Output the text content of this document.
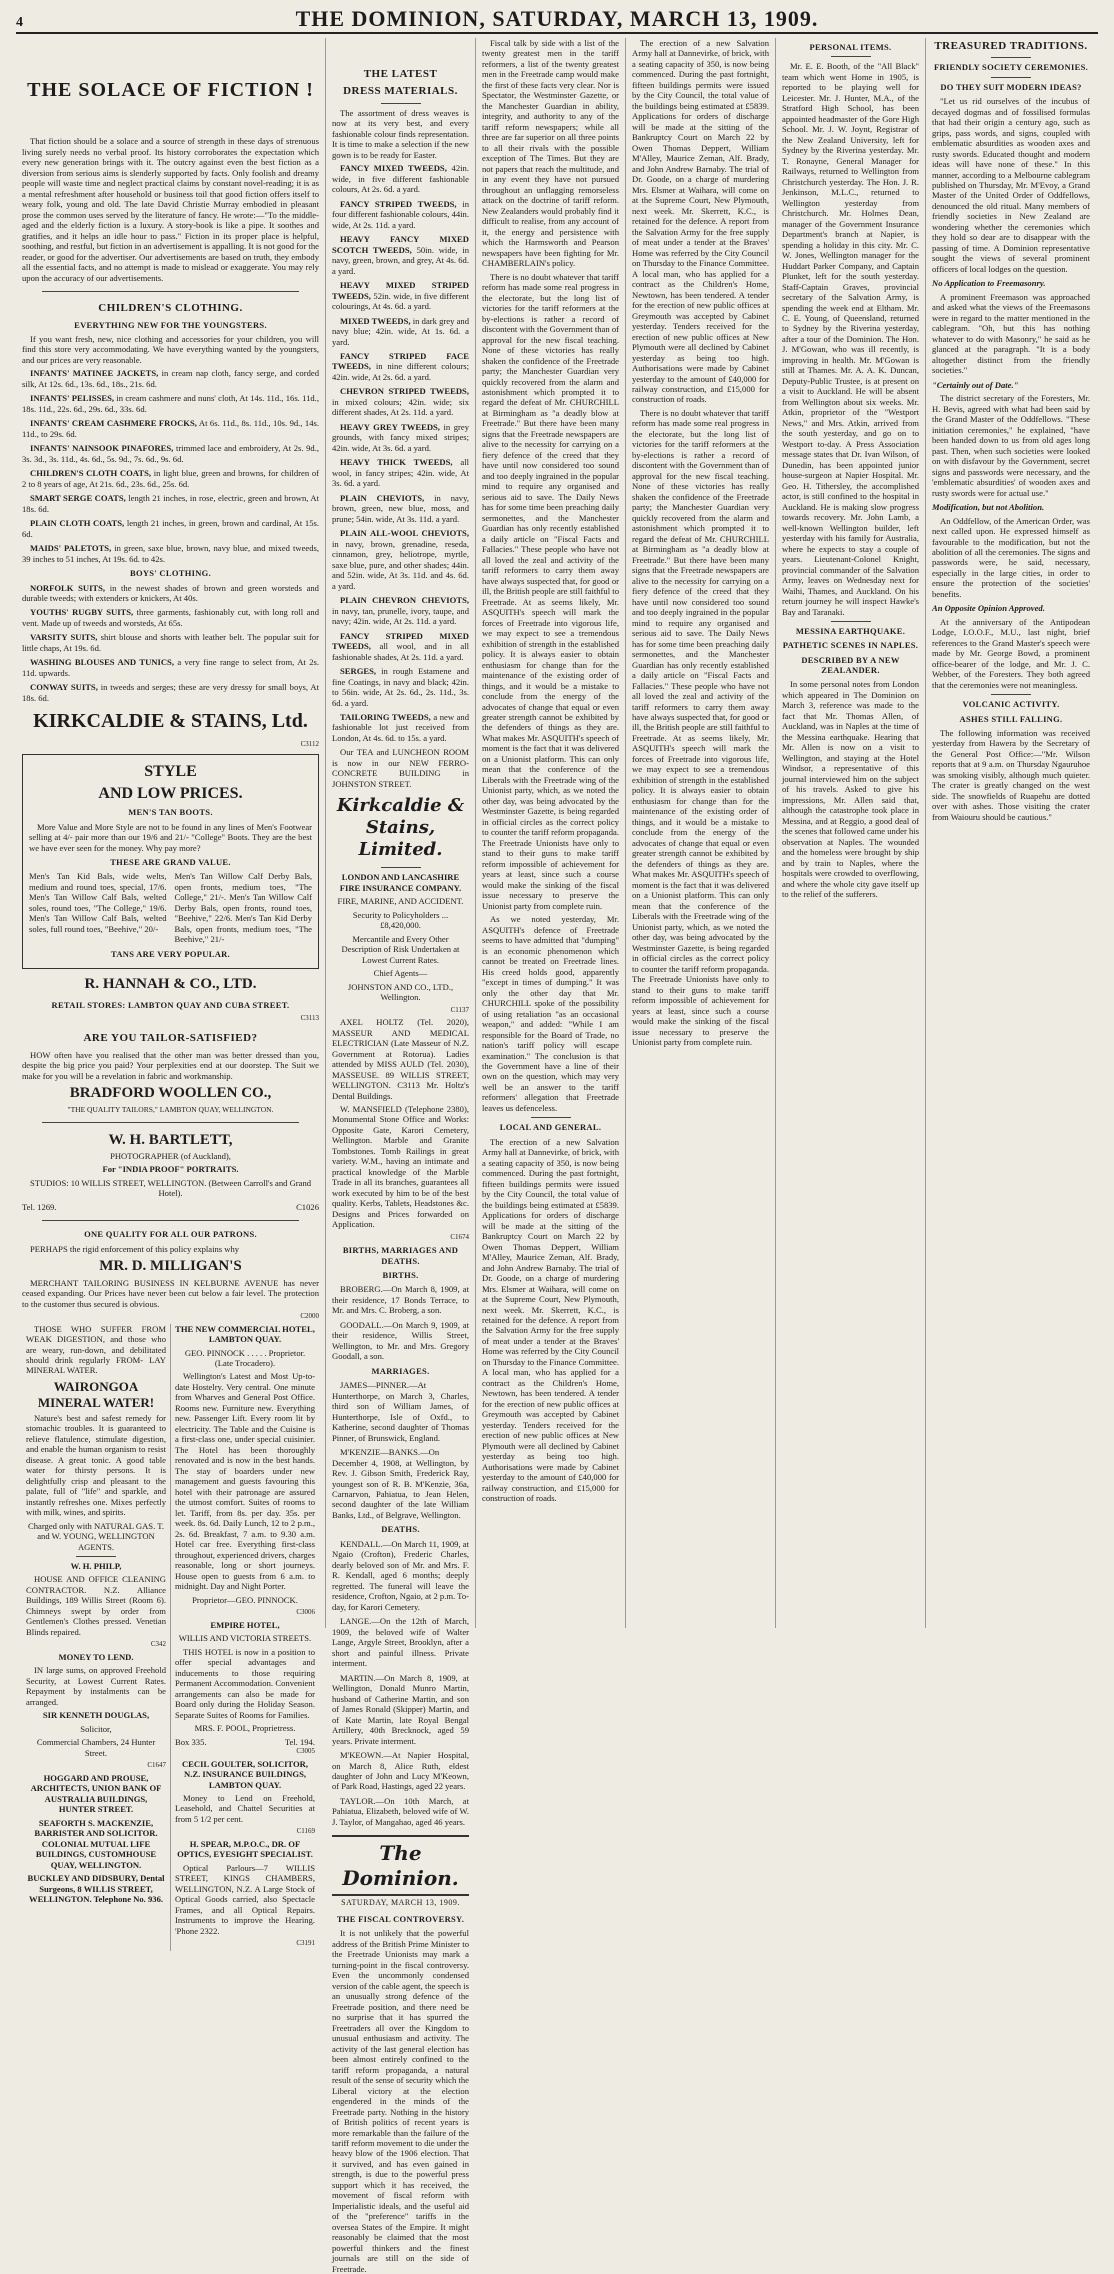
4	THE DOMINION, SATURDAY, MARCH 13, 1909.
THE SOLACE OF FICTION !

That fiction should be a solace and a source of strength in these days of strenuous living surely needs no verbal proof. Its history corroborates the expectation which every new generation brings with it. The outcry against even the best fiction as a diversion from serious aims is slenderly supported by facts. Only foolish and dreamy people will waste time and neglect practical claims by constant novel-reading; it is as a mental refreshment after household or business toil that good fiction offers itself to weary folk, young and old. The late David Christie Murray embodied in pleasant prose the common uses served by the literature of fancy. He wrote:—"To the middle-aged and the elderly fiction is a luxury. A story-book is like a pipe. It soothes and gratifies, and it helps an idle hour to pass." Fiction in its proper place is helpful, soothing, and restful, but fiction in an advertisement is appalling. It is not good for the reader, or good for the advertiser. Our advertisements are based on truth, they embody all the essential facts, and no attempt is made to mislead or exaggerate. You may rely upon the accuracy of our advertisements.

CHILDREN'S CLOTHING.
EVERYTHING NEW FOR THE YOUNGSTERS.

If you want fresh, new, nice clothing and accessories for your children, you will find this store very accommodating. We have everything wanted by the youngsters, and our prices are very reasonable.

INFANTS' MATINEE JACKETS, in cream nap cloth, fancy serge, and corded silk, At 12s. 6d., 13s. 6d., 18s., 21s. 6d.

INFANTS' PELISSES, in cream cashmere and nuns' cloth, At 14s. 11d., 16s. 11d., 18s. 11d., 22s. 6d., 29s. 6d., 33s. 6d.

INFANTS' CREAM CASHMERE FROCKS, At 6s. 11d., 8s. 11d., 10s. 9d., 14s. 11d., to 29s. 6d.

INFANTS' NAINSOOK PINAFORES, trimmed lace and embroidery, At 2s. 9d., 3s. 3d., 3s. 11d., 4s. 6d., 5s. 9d., 7s. 6d., 9s. 6d.

CHILDREN'S CLOTH COATS, in light blue, green and browns, for children of 2 to 8 years of age, At 21s. 6d., 23s. 6d., 25s. 6d.

SMART SERGE COATS, length 21 inches, in rose, electric, green and brown, At 18s. 6d.

PLAIN CLOTH COATS, length 21 inches, in green, brown and cardinal, At 15s. 6d.

MAIDS' PALETOTS, in green, saxe blue, brown, navy blue, and mixed tweeds, 39 inches to 51 inches, At 19s. 6d. to 42s.

BOYS' CLOTHING.

NORFOLK SUITS, in the newest shades of brown and green worsteds and durable tweeds; with extenders or knickers, At 40s.

YOUTHS' RUGBY SUITS, three garments, fashionably cut, with long roll and vent. Made up of tweeds and worsteds, At 65s.

VARSITY SUITS, shirt blouse and shorts with leather belt. The popular suit for little chaps, At 19s. 6d.

WASHING BLOUSES AND TUNICS, a very fine range to select from, At 2s. 11d. upwards.

CONWAY SUITS, in tweeds and serges; these are very dressy for small boys, At 18s. 6d.

KIRKCALDIE & STAINS, Ltd.

C3112

STYLE
AND LOW PRICES.
MEN'S TAN BOOTS.

More Value and More Style are not to be found in any lines of Men's Footwear selling at 4/- pair more than our 19/6 and 21/- "College" Boots. They are the best we have ever seen for the money. Why pay more?

THESE ARE GRAND VALUE.
Men's Tan Kid Bals, wide welts, medium and round toes, special, 17/6. Men's Tan Willow Calf Bals, welted soles, round toes, "The College," 19/6. Men's Tan Willow Calf Bals, welted soles, full round toes, "Beehive," 20/-
Men's Tan Willow Calf Derby Bals, open fronts, medium toes, "The College," 21/-. Men's Tan Willow Calf Derby Bals, open fronts, round toes, "Beehive," 22/6. Men's Tan Kid Derby Bals, open fronts, medium toes, "The Beehive," 21/-
TANS ARE VERY POPULAR.
R. HANNAH & CO., LTD.
RETAIL STORES: LAMBTON QUAY AND CUBA STREET.

C3113

ARE YOU TAILOR-SATISFIED?

HOW often have you realised that the other man was better dressed than you, despite the big price you paid? Your perplexities end at our doorstep. The Suit we make for you will be a revelation in fabric and workmanship.

BRADFORD WOOLLEN CO.,

"THE QUALITY TAILORS," LAMBTON QUAY, WELLINGTON.

W. H. BARTLETT,

PHOTOGRAPHER (of Auckland),

For "INDIA PROOF" PORTRAITS.

STUDIOS: 10 WILLIS STREET, WELLINGTON. (Between Carroll's and Grand Hotel).

Tel. 1269.	C1026
ONE QUALITY FOR ALL OUR PATRONS.

PERHAPS the rigid enforcement of this policy explains why

MR. D. MILLIGAN'S

MERCHANT TAILORING BUSINESS IN KELBURNE AVENUE has never ceased expanding. Our Prices have never been cut below a fair level. The protection to the customer thus secured is obvious.

C2000

THOSE WHO SUFFER FROM WEAK DIGESTION, and those who are weary, run-down, and debilitated should drink regularly FROM- LAY MINERAL WATER.

WAIRONGOA MINERAL WATER!

Nature's best and safest remedy for stomachic troubles. It is guaranteed to relieve flatulence, stimulate digestion, and enable the human organism to resist disease. A great tonic. A good table water for thirsty persons. It is delightfully crisp and pleasant to the palate, full of "life" and sparkle, and instantly refreshes one. Mixes perfectly with milk, wines, and spirits.

Charged only with NATURAL GAS. T. and W. YOUNG, WELLINGTON AGENTS.

W. H. PHILP,

HOUSE AND OFFICE CLEANING CONTRACTOR. N.Z. Alliance Buildings, 189 Willis Street (Room 6). Chimneys swept by order from Gentlemen's Clothes pressed. Venetian Blinds repaired.

C342

MONEY TO LEND.

IN large sums, on approved Freehold Security, at Lowest Current Rates. Repayment by instalments can be arranged.

SIR KENNETH DOUGLAS,

Solicitor,

Commercial Chambers, 24 Hunter Street.

C1647

HOGGARD AND PROUSE, ARCHITECTS, UNION BANK OF AUSTRALIA BUILDINGS, HUNTER STREET.

SEAFORTH S. MACKENZIE, BARRISTER AND SOLICITOR. COLONIAL MUTUAL LIFE BUILDINGS, CUSTOMHOUSE QUAY, WELLINGTON.

BUCKLEY AND DIDSBURY, Dental Surgeons, 8 WILLIS STREET, WELLINGTON. Telephone No. 936.

THE NEW COMMERCIAL HOTEL, LAMBTON QUAY.

GEO. PINNOCK . . . . . Proprietor. (Late Trocadero).

Wellington's Latest and Most Up-to-date Hostelry. Very central. One minute from Wharves and General Post Office. Rooms new. Furniture new. Everything new. Passenger Lift. Every room lit by electricity. The Table and the Cuisine is a first-class one, under special cuisinier. The Hotel has been thoroughly renovated and is now in the best hands. The stay of boarders under new management and guests favouring this hotel with their patronage are assured the utmost comfort. Suites of rooms to let. Tariff, from 8s. per day. 35s. per week. 8s. 6d. Daily Lunch, 12 to 2 p.m., 2s. 6d. Breakfast, 7 a.m. to 9.30 a.m. Hotel car free. Everything first-class throughout, experienced drivers, charges reasonable, long or short journeys. House open to guests from 6 a.m. to midnight. Day and Night Porter.

Proprietor—GEO. PINNOCK.

C3006

EMPIRE HOTEL,

WILLIS AND VICTORIA STREETS.

THIS HOTEL is now in a position to offer special advantages and inducements to those requiring Permanent Accommodation. Convenient arrangements can also be made for Board only during the Holiday Season. Separate Suites of Rooms for Families.

MRS. F. POOL, Proprietress.

Box 335.	Tel. 194.

C3005

CECIL GOULTER, SOLICITOR, N.Z. INSURANCE BUILDINGS, LAMBTON QUAY.

Money to Lend on Freehold, Leasehold, and Chattel Securities at from 5 1/2 per cent.

C1169

H. SPEAR, M.P.O.C., DR. OF OPTICS, EYESIGHT SPECIALIST.

Optical Parlours—7 WILLIS STREET, KINGS CHAMBERS, WELLINGTON, N.Z. A Large Stock of Optical Goods carried, also Spectacle Frames, and all Optical Repairs. Instruments to improve the Hearing. 'Phone 2322.

C3191

THE LATEST
DRESS MATERIALS.

The assortment of dress weaves is now at its very best, and every fashionable colour finds representation. It is time to make a selection if the new gown is to be ready for Easter.

FANCY MIXED TWEEDS, 42in. wide, in five different fashionable colours, At 2s. 6d. a yard.

FANCY STRIPED TWEEDS, in four different fashionable colours, 44in. wide, At 2s. 11d. a yard.

HEAVY FANCY MIXED SCOTCH TWEEDS, 50in. wide, in navy, green, brown, and grey, At 4s. 6d. a yard.

HEAVY MIXED STRIPED TWEEDS, 52in. wide, in five different colourings, At 4s. 6d. a yard.

MIXED TWEEDS, in dark grey and navy blue; 42in. wide, At 1s. 6d. a yard.

FANCY STRIPED FACE TWEEDS, in nine different colours; 42in. wide, At 2s. 6d. a yard.

CHEVRON STRIPED TWEEDS, in mixed colours; 42in. wide; six different shades, At 2s. 11d. a yard.

HEAVY GREY TWEEDS, in grey grounds, with fancy mixed stripes; 42in. wide, At 3s. 6d. a yard.

HEAVY THICK TWEEDS, all wool, in fancy stripes; 42in. wide, At 3s. 6d. a yard.

PLAIN CHEVIOTS, in navy, brown, green, new blue, moss, and prune; 54in. wide, At 3s. 11d. a yard.

PLAIN ALL-WOOL CHEVIOTS, in navy, brown, grenadine, reseda, cinnamon, grey, heliotrope, myrtle, saxe blue, pure, and other shades; 44in. and 52in. wide, At 3s. 11d. and 4s. 6d. a yard.

PLAIN CHEVRON CHEVIOTS, in navy, tan, prunelle, ivory, taupe, and navy; 42in. wide, At 2s. 11d. a yard.

FANCY STRIPED MIXED TWEEDS, all wool, and in all fashionable shades, At 2s. 11d. a yard.

SERGES, in rough Estamene and fine Coatings, in navy and black; 42in. to 56in. wide, At 2s. 6d., 2s. 11d., 3s. 6d. a yard.

TAILORING TWEEDS, a new and fashionable lot just received from London, At 4s. 6d. to 15s. a yard.

Our TEA and LUNCHEON ROOM is now in our NEW FERRO-CONCRETE BUILDING in JOHNSTON STREET.

Kirkcaldie & Stains, Limited.

LONDON AND LANCASHIRE FIRE INSURANCE COMPANY.

FIRE, MARINE, AND ACCIDENT.

Security to Policyholders ... £8,420,000.

Mercantile and Every Other Description of Risk Undertaken at Lowest Current Rates.

Chief Agents—

JOHNSTON AND CO., LTD., Wellington.

C1137

AXEL HOLTZ (Tel. 2020), MASSEUR AND MEDICAL ELECTRICIAN (Late Masseur of N.Z. Government at Rotorua). Ladies attended by MISS AULD (Tel. 2030), MASSEUSE. 89 WILLIS STREET, WELLINGTON. C3113 Mr. Holtz's Dental Buildings.

W. MANSFIELD (Telephone 2380), Monumental Stone Office and Works: Opposite Gate, Karori Cemetery, Wellington. Marble and Granite Tombstones. Tomb Railings in great variety. W.M., having an intimate and practical knowledge of the Marble Trade in all its branches, guarantees all work executed by him to be of the best quality. Kerbs, Tablets, Headstones &c. Designs and Prices forwarded on Application.

C1674

BIRTHS, MARRIAGES AND DEATHS.
BIRTHS.

BROBERG.—On March 8, 1909, at their residence, 17 Bonds Terrace, to Mr. and Mrs. C. Broberg, a son.

GOODALL.—On March 9, 1909, at their residence, Willis Street, Wellington, to Mr. and Mrs. Gregory Goodall, a son.

MARRIAGES.

JAMES—PINNER.—At Hunterthorpe, on March 3, Charles, third son of William James, of Hunterthorpe, Isle of Oxfd., to Katherine, second daughter of Thomas Pinner, of Brunswick, England.

M'KENZIE—BANKS.—On December 4, 1908, at Wellington, by Rev. J. Gibson Smith, Frederick Ray, youngest son of R. B. M'Kenzie, 36a, Carnarvon, Pahiatua, to Jean Helen, second daughter of the late William Banks, Ltd., of Belgrave, Wellington.

DEATHS.

KENDALL.—On March 11, 1909, at Ngaio (Crofton), Frederic Charles, dearly beloved son of Mr. and Mrs. F. R. Kendall, aged 6 months; deeply regretted. The funeral will leave the residence, Crofton, Ngaio, at 2 p.m. To-day, for Karori Cemetery.

LANGE.—On the 12th of March, 1909, the beloved wife of Walter Lange, Argyle Street, Brooklyn, after a short and painful illness. Private interment.

MARTIN.—On March 8, 1909, at Wellington, Donald Munro Martin, husband of Catherine Martin, and son of James Ronald (Skipper) Martin, and of Kate Martin, late Royal Bengal Artillery, 40th Brecknock, aged 59 years. Private interment.

M'KEOWN.—At Napier Hospital, on March 8, Alice Ruth, eldest daughter of John and Lucy M'Keown, of Park Road, Hastings, aged 22 years.

TAYLOR.—On 10th March, at Pahiatua, Elizabeth, beloved wife of W. J. Taylor, of Mangahao, aged 46 years.

The Dominion.
SATURDAY, MARCH 13, 1909.
THE FISCAL CONTROVERSY.

It is not unlikely that the powerful address of the British Prime Minister to the Freetrade Unionists may mark a turning-point in the fiscal controversy. Even the uncommonly condensed version of the cable agent, the speech is an unusually strong defence of the Freetrade position, and there need be no surprise that it has spurred the Freetraders all over the Kingdom to unusual enthusiasm and activity. The activity of the last general election has been almost entirely confined to the tariff reform propaganda, a natural result of the sense of security which the Liberal victory at the election engendered in the minds of the Freetrade party. Nothing in the history of British politics of recent years is more remarkable than the failure of the tariff reform movement to die under the heavy blow of the 1906 election. That it survived, and has even gained in strength, is due to the powerful press support which it has received, the movement of fiscal reform with Imperialistic ideals, and the useful aid of the "preference" tariffs in the oversea States of the Empire. It might reasonably be claimed that the most powerful thinkers and the finest journals are still on the side of Freetrade.

Fiscal talk by side with a list of the twenty greatest men in the tariff reformers, a list of the twenty greatest men in the Freetrade camp would make the first of these facts very clear. Nor is Spectator, the Westminster Gazette, or the Manchester Guardian in ability, integrity, and authority to any of the tariff reform newspapers; while all three are far superior on all three points to all their rivals with the possible exception of The Times. But they are not papers that reach the multitude, and in any event they have not pursued throughout an unflagging remorseless attack on the doctrine of tariff reform. New Zealanders would probably find it difficult to realise, from any account of it, the energy and persistence with which the Harmsworth and Pearson newspapers have been fighting for Mr. CHAMBERLAIN's policy.

There is no doubt whatever that tariff reform has made some real progress in the electorate, but the long list of victories for the tariff reformers at the by-elections is rather a record of discontent with the Government than of approval for the new fiscal teaching. None of these victories has really shaken the confidence of the Freetrade party; the Manchester Guardian very quickly recovered from the alarm and astonishment which prompted it to regard the defeat of Mr. CHURCHILL at Birmingham as "a deadly blow at Freetrade." But there have been many signs that the Freetrade newspapers are alive to the necessity for carrying on a fiery defence of the creed that they have until now considered too sound and too deeply ingrained in the popular mind to require any organised and serious aid to save. The Daily News has for some time been preaching daily sermonettes, and the Manchester Guardian has only recently established a daily article on "Fiscal Facts and Fallacies." These people who have not all loved the zeal and activity of the tariff reformers to carry them away have always suspected that, for good or ill, the British people are still faithful to Freetrade. At as seems likely, Mr. ASQUITH's speech will mark the forces of Freetrade into vigorous life, we may expect to see a tremendous exhibition of strength in the established policy. It is always easier to obtain enthusiasm for change than for the maintenance of the existing order of things, and it would be a mistake to conclude from the energy of the advocates of change that equal or even greater strength cannot be exhibited by the defenders of things as they are. What makes Mr. ASQUITH's speech of moment is the fact that it was delivered on a Unionist platform. This can only mean that the conference of the Liberals with the Freetrade wing of the Unionist party, which, as we noted the other day, was being advocated by the Westminster Gazette, is being regarded in official circles as the correct policy to counter the tariff reform propaganda. The Freetrade Unionists have only to stand to their guns to make tariff reform impossible of achievement for years at least, since such a course would make the sinking of the fiscal issue necessary to preserve the Unionist party from complete ruin.

As we noted yesterday, Mr. ASQUITH's defence of Freetrade seems to have admitted that "dumping" is an economic phenomenon which cannot be treated on Freetrade lines. His creed holds good, apparently "except in times of dumping." It was only the other day that Mr. CHURCHILL spoke of the possibility of using retaliation "as an occasional weapon," and added: "While I am responsible for the Board of Trade, no nation's tariff policy will escape examination." The conclusion is that the Government have a line of their own on the question, which may very well be an answer to the tariff reformers' allegation that Freetrade leaves us defenceless.

LOCAL AND GENERAL.

The erection of a new Salvation Army hall at Dannevirke, of brick, with a seating capacity of 350, is now being commenced. During the past fortnight, fifteen buildings permits were issued by the City Council, the total value of the buildings being estimated at £5839. Applications for orders of discharge will be made at the sitting of the Bankruptcy Court on March 22 by Owen Thomas Deppert, William M'Alley, Maurice Zeman, Alf. Brady, and John Andrew Barnaby. The trial of Dr. Goode, on a charge of murdering Mrs. Elsmer at Waihara, will come on at the Supreme Court, New Plymouth, next week. Mr. Skerrett, K.C., is retained for the defence. A report from the Salvation Army for the free supply of meat under a tender at the Braves' Home was referred by the City Council on Thursday to the Finance Committee. A local man, who has applied for a contract as the Children's Home, Newtown, has been tendered. A tender for the erection of new public offices at Greymouth was accepted by Cabinet yesterday. Tenders received for the erection of new public offices at New Plymouth were all declined by Cabinet yesterday as being too high. Authorisations were made by Cabinet yesterday to the amount of £40,000 for railway construction, and £15,000 for construction of roads.

The erection of a new Salvation Army hall at Dannevirke, of brick, with a seating capacity of 350, is now being commenced. During the past fortnight, fifteen buildings permits were issued by the City Council, the total value of the buildings being estimated at £5839. Applications for orders of discharge will be made at the sitting of the Bankruptcy Court on March 22 by Owen Thomas Deppert, William M'Alley, Maurice Zeman, Alf. Brady, and John Andrew Barnaby. The trial of Dr. Goode, on a charge of murdering Mrs. Elsmer at Waihara, will come on at the Supreme Court, New Plymouth, next week. Mr. Skerrett, K.C., is retained for the defence. A report from the Salvation Army for the free supply of meat under a tender at the Braves' Home was referred by the City Council on Thursday to the Finance Committee. A local man, who has applied for a contract as the Children's Home, Newtown, has been tendered. A tender for the erection of new public offices at Greymouth was accepted by Cabinet yesterday. Tenders received for the erection of new public offices at New Plymouth were all declined by Cabinet yesterday as being too high. Authorisations were made by Cabinet yesterday to the amount of £40,000 for railway construction, and £15,000 for construction of roads.

There is no doubt whatever that tariff reform has made some real progress in the electorate, but the long list of victories for the tariff reformers at the by-elections is rather a record of discontent with the Government than of approval for the new fiscal teaching. None of these victories has really shaken the confidence of the Freetrade party; the Manchester Guardian very quickly recovered from the alarm and astonishment which prompted it to regard the defeat of Mr. CHURCHILL at Birmingham as "a deadly blow at Freetrade." But there have been many signs that the Freetrade newspapers are alive to the necessity for carrying on a fiery defence of the creed that they have until now considered too sound and too deeply ingrained in the popular mind to require any organised and serious aid to save. The Daily News has for some time been preaching daily sermonettes, and the Manchester Guardian has only recently established a daily article on "Fiscal Facts and Fallacies." These people who have not all loved the zeal and activity of the tariff reformers to carry them away have always suspected that, for good or ill, the British people are still faithful to Freetrade. At as seems likely, Mr. ASQUITH's speech will mark the forces of Freetrade into vigorous life, we may expect to see a tremendous exhibition of strength in the established policy. It is always easier to obtain enthusiasm for change than for the maintenance of the existing order of things, and it would be a mistake to conclude from the energy of the advocates of change that equal or even greater strength cannot be exhibited by the defenders of things as they are. What makes Mr. ASQUITH's speech of moment is the fact that it was delivered on a Unionist platform. This can only mean that the conference of the Liberals with the Freetrade wing of the Unionist party, which, as we noted the other day, was being advocated by the Westminster Gazette, is being regarded in official circles as the correct policy to counter the tariff reform propaganda. The Freetrade Unionists have only to stand to their guns to make tariff reform impossible of achievement for years at least, since such a course would make the sinking of the fiscal issue necessary to preserve the Unionist party from complete ruin.

PERSONAL ITEMS.

Mr. E. E. Booth, of the "All Black" team which went Home in 1905, is reported to be playing well for Leicester. Mr. J. Hunter, M.A., of the Stratford High School, has been appointed headmaster of the Gore High School. Mr. J. W. Joynt, Registrar of the New Zealand University, left for Sydney by the Riverina yesterday. Mr. T. Ronayne, General Manager for Railways, returned to Wellington from Christchurch yesterday. The Hon. J. R. Jenkinson, M.L.C., returned to Wellington yesterday from Christchurch. Mr. Holmes Dean, manager of the Government Insurance Department's branch at Napier, is spending a holiday in this city. Mr. C. W. Jones, Wellington manager for the Huddart Parker Company, and Captain Plunket, left for the south yesterday. Staff-Captain Graves, provincial secretary of the Salvation Army, is spending the week end at Eltham. Mr. C. E. Young, of Queensland, returned to Sydney by the Riverina yesterday, after a tour of the Dominion. The Hon. J. M'Gowan, who was ill recently, is improving in health. Mr. M'Gowan is still at Thames. Mr. A. A. K. Duncan, Deputy-Public Trustee, is at present on a visit to Auckland. He will be absent from Wellington about six weeks. Mr. Atkin, proprietor of the "Westport News," and Mrs. Atkin, arrived from the south yesterday, and go on to Westport to-day. A Press Association message states that Dr. Ivan Wilson, of Dunedin, has been appointed junior house-surgeon at Napier Hospital. Mr. Geo. H. Tithersley, the accomplished actor, is still confined to the hospital in Auckland. He is making slow progress towards recovery. Mr. John Lamb, a well-known Wellington builder, left yesterday with his family for Australia, where he expects to stay a couple of years. Lieutenant-Colonel Knight, provincial commander of the Salvation Army, leaves on Wednesday next for Waihi, Thames, and Auckland. On his return journey he will inspect Hawke's Bay and Taranaki.

MESSINA EARTHQUAKE.
PATHETIC SCENES IN NAPLES.
DESCRIBED BY A NEW ZEALANDER.

In some personal notes from London which appeared in The Dominion on March 3, reference was made to the fact that Mr. Thomas Allen, of Auckland, was in Naples at the time of the Messina earthquake. Hearing that Mr. Allen is now on a visit to Wellington, and staying at the Hotel Windsor, a representative of this journal interviewed him on the subject of his travels. Asked to give his impressions, Mr. Allen said that, although the catastrophe took place in Messina, and at Reggio, a good deal of the scenes that followed came under his observation at Naples. The wounded and the homeless were brought by ship and by train to Naples, where the hospitals were crowded to overflowing, and where the whole city gave itself up to the relief of the sufferers.

TREASURED TRADITIONS.
FRIENDLY SOCIETY CEREMONIES.
DO THEY SUIT MODERN IDEAS?

"Let us rid ourselves of the incubus of decayed dogmas and of fossilised formulas that had their origin a century ago, such as grips, pass words, and signs, coupled with emblematic absurdities as wooden axes and rusty swords. Educated thought and modern ideas will have none of these." In this manner, according to a Melbourne cablegram published on Thursday, Mr. M'Evoy, a Grand Master of the United Order of Oddfellows, denounced the old ritual. Many members of friendly societies in New Zealand are wondering whether the ceremonies which they hold so dear are to disappear with the passing of time. A Dominion representative sought the views of several prominent officers of local lodges on the question.

No Application to Freemasonry.

A prominent Freemason was approached and asked what the views of the Freemasons were in regard to the matter mentioned in the cablegram. "Oh, but this has nothing whatever to do with Masonry," he said as he glanced at the paragraph. "It is a body altogether distinct from the friendly societies."

"Certainly out of Date."

The district secretary of the Foresters, Mr. H. Bevis, agreed with what had been said by the Grand Master of the Oddfellows. "These initiation ceremonies," he explained, "have been handed down to us from old ages long past. Then, when such societies were looked on with disfavour by the Government, secret signs and passwords were necessary, and the 'emblematic absurdities' of wooden axes and rusty swords were for actual use."

Modification, but not Abolition.

An Oddfellow, of the American Order, was next called upon. He expressed himself as favourable to the modification, but not the abolition of all the ceremonies. The signs and passwords were, he said, necessary, especially in the large cities, in order to ensure the protection of the societies' benefits.

An Opposite Opinion Approved.

At the anniversary of the Antipodean Lodge, I.O.O.F., M.U., last night, brief references to the Grand Master's speech were made by Mr. George Bowd, a prominent office-bearer of the lodge, and Mr. J. C. Webber, of the Foresters. They both agreed that the ceremonies were not meaningless.

VOLCANIC ACTIVITY.
ASHES STILL FALLING.

The following information was received yesterday from Hawera by the Secretary of the General Post Office:—"Mr. Wilson reports that at 9 a.m. on Thursday Ngauruhoe was smoking visibly, although much quieter. The crater is greatly changed on the west side. The snowfields of Ruapehu are dotted over with ashes. Those visiting the crater from Waiouru should be cautious."
